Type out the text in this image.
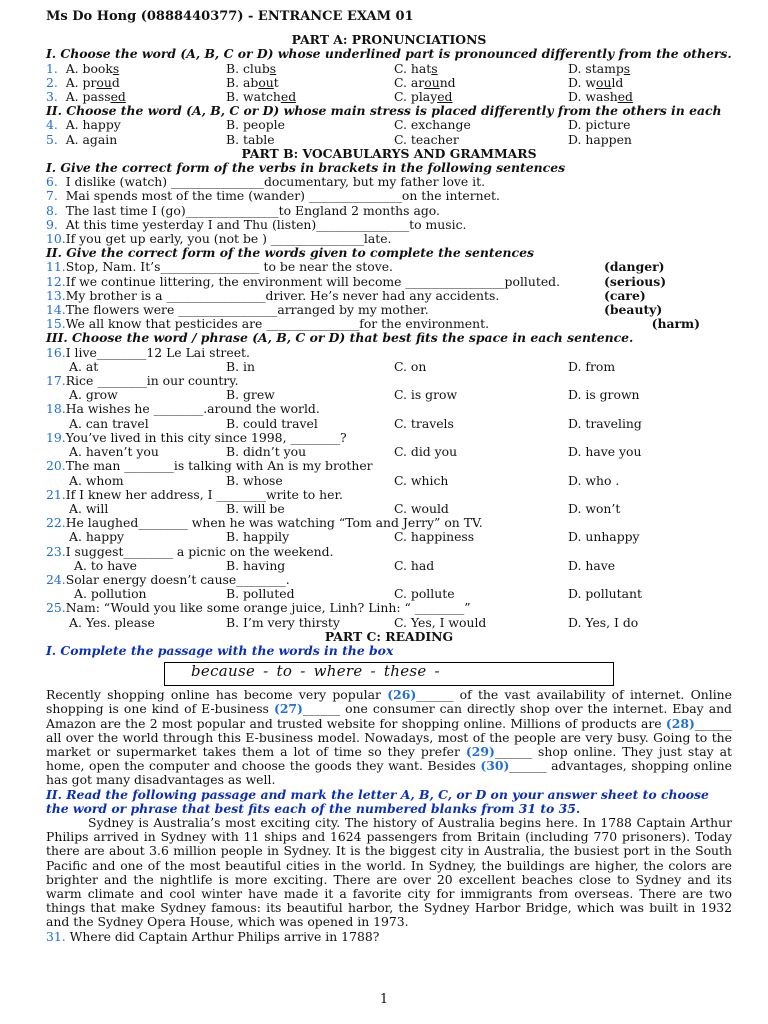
Ms Do Hong (0888440377) - ENTRANCE EXAM 01
PART A: PRONUNCIATIONS
I. Choose the word (A, B, C or D) whose underlined part is pronounced differently from the others.
1.  A. books	B. clubs	C. hats	D. stamps
2.  A. proud	B. about	C. around	D. would
3.  A. passed	B. watched	C. played	D. washed
II. Choose the word (A, B, C or D) whose main stress is placed differently from the others in each
4.  A. happy	B. people	C. exchange	D. picture
5.  A. again	B. table	C. teacher	D. happen
PART B: VOCABULARYS AND GRAMMARS
I. Give the correct form of the verbs in brackets in the following sentences
6. I dislike (watch) _______________documentary, but my father love it.
7. Mai spends most of the time (wander) _______________on the internet.
8. The last time I (go)_______________to England 2 months ago.
9. At this time yesterday I and Thu (listen)_______________to music.
10.If you get up early, you (not be ) _______________late.
II. Give the correct form of the words given to complete the sentences
11.Stop, Nam. It’s________________ to be near the stove.	(danger)
12.If we continue littering, the environment will become ________________polluted.	(serious)
13.My brother is a ________________driver. He’s never had any accidents.	(care)
14.The flowers were ________________arranged by my mother.	(beauty)
15.We all know that pesticides are _______________for the environment.	(harm)
III. Choose the word / phrase (A, B, C or D) that best fits the space in each sentence.
16.I live________12 Le Lai street.
A. at	B. in	C. on	D. from
17.Rice ________in our country.
A. grow	B. grew	C. is grow	D. is grown
18.Ha wishes he ________.around the world.
A. can travel	B. could travel	C. travels	D. traveling
19.You’ve lived in this city since 1998, ________?
A. haven’t you	B. didn’t you	C. did you	D. have you
20.The man ________is talking with An is my brother
A. whom	B. whose	C. which	D. who .
21.If I knew her address, I ________write to her.
A. will	B. will be	C. would	D. won’t
22.He laughed________ when he was watching “Tom and Jerry” on TV.
A. happy	B. happily	C. happiness	D. unhappy
23.I suggest________ a picnic on the weekend.
A. to have	B. having	C. had	D. have
24.Solar energy doesn’t cause________.
A. pollution	B. polluted	C. pollute	D. pollutant
25.Nam: “Would you like some orange juice, Linh? Linh: “ ________”
A. Yes. please	B. I’m very thirsty	C. Yes, I would	D. Yes, I do
PART C: READING
I. Complete the passage with the words in the box
because - to - where - these -

Recently shopping online has become very popular (26)______ of the vast availability of internet. Online shopping is one kind of E-business (27)______ one consumer can directly shop over the internet. Ebay and Amazon are the 2 most popular and trusted website for shopping online. Millions of products are (28)______ all over the world through this E-business model. Nowadays, most of the people are very busy. Going to the market or supermarket takes them a lot of time so they prefer (29)______ shop online. They just stay at home, open the computer and choose the goods they want. Besides (30)______ advantages, shopping online has got many disadvantages as well.

II. Read the following passage and mark the letter A, B, C, or D on your answer sheet to choose the word or phrase that best fits each of the numbered blanks from 31 to 35.

Sydney is Australia’s most exciting city. The history of Australia begins here. In 1788 Captain Arthur Philips arrived in Sydney with 11 ships and 1624 passengers from Britain (including 770 prisoners). Today there are about 3.6 million people in Sydney. It is the biggest city in Australia, the busiest port in the South Pacific and one of the most beautiful cities in the world. In Sydney, the buildings are higher, the colors are brighter and the nightlife is more exciting. There are over 20 excellent beaches close to Sydney and its warm climate and cool winter have made it a favorite city for immigrants from overseas. There are two things that make Sydney famous: its beautiful harbor, the Sydney Harbor Bridge, which was built in 1932 and the Sydney Opera House, which was opened in 1973.

31. Where did Captain Arthur Philips arrive in 1788?
1
